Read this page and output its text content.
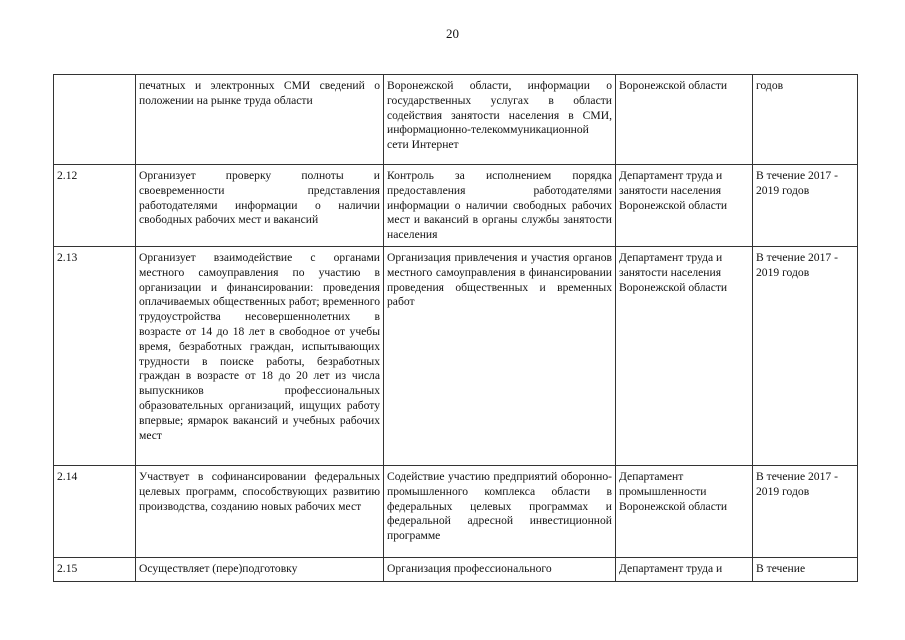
20
	печатных и электронных СМИ сведений о положении на рынке труда области	Воронежской области, информации о государственных услугах в области содействия занятости населения в СМИ, информационно-телекоммуникационной сети Интернет	Воронежской области	годов
2.12	Организует проверку полноты и своевременности представления работодателями информации о наличии свободных рабочих мест и вакансий	Контроль за исполнением порядка предоставления работодателями информации о наличии свободных рабочих мест и вакансий в органы службы занятости населения	Департамент труда и занятости населения Воронежской области	В течение 2017 - 2019 годов
2.13	Организует взаимодействие с органами местного самоуправления по участию в организации и финансировании: проведения оплачиваемых общественных работ; временного трудоустройства несовершеннолетних в возрасте от 14 до 18 лет в свободное от учебы время, безработных граждан, испытывающих трудности в поиске работы, безработных граждан в возрасте от 18 до 20 лет из числа выпускников профессиональных образовательных организаций, ищущих работу впервые; ярмарок вакансий и учебных рабочих мест	Организация привлечения и участия органов местного самоуправления в финансировании проведения общественных и временных работ	Департамент труда и занятости населения Воронежской области	В течение 2017 - 2019 годов
2.14	Участвует в софинансировании федеральных целевых программ, способствующих развитию производства, созданию новых рабочих мест	Содействие участию предприятий оборонно-промышленного комплекса области в федеральных целевых программах и федеральной адресной инвестиционной программе	Департамент промышленности Воронежской области	В течение 2017 - 2019 годов
2.15	Осуществляет (пере)подготовку	Организация профессионального	Департамент труда и	В течение
